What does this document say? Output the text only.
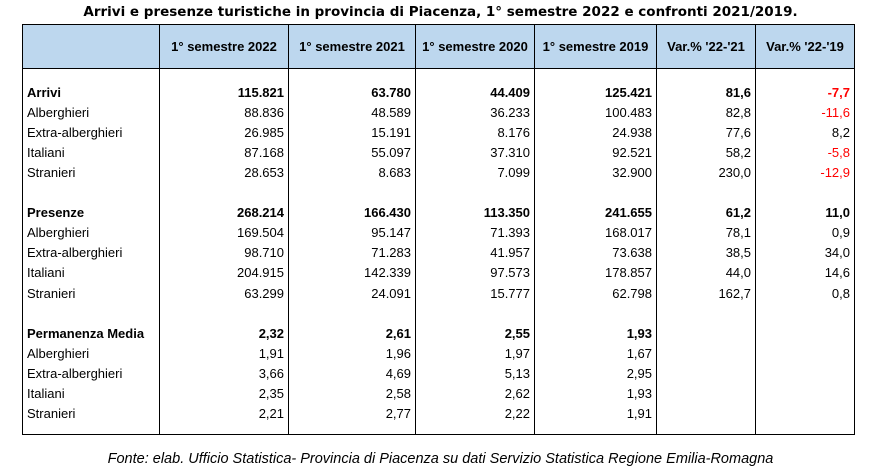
Arrivi e presenze turistiche in provincia di Piacenza, 1° semestre 2022 e confronti 2021/2019.
	1° semestre 2022	1° semestre 2021	1° semestre 2020	1° semestre 2019	Var.% '22-'21	Var.% '22-'19

Arrivi	115.821	63.780	44.409	125.421	81,6	-7,7
Alberghieri	88.836	48.589	36.233	100.483	82,8	-11,6
Extra-alberghieri	26.985	15.191	8.176	24.938	77,6	8,2
Italiani	87.168	55.097	37.310	92.521	58,2	-5,8
Stranieri	28.653	8.683	7.099	32.900	230,0	-12,9

Presenze	268.214	166.430	113.350	241.655	61,2	11,0
Alberghieri	169.504	95.147	71.393	168.017	78,1	0,9
Extra-alberghieri	98.710	71.283	41.957	73.638	38,5	34,0
Italiani	204.915	142.339	97.573	178.857	44,0	14,6
Stranieri	63.299	24.091	15.777	62.798	162,7	0,8

Permanenza Media	2,32	2,61	2,55	1,93		
Alberghieri	1,91	1,96	1,97	1,67		
Extra-alberghieri	3,66	4,69	5,13	2,95		
Italiani	2,35	2,58	2,62	1,93		
Stranieri	2,21	2,77	2,22	1,91		

Fonte: elab. Ufficio Statistica- Provincia di Piacenza su dati Servizio Statistica Regione Emilia-Romagna
